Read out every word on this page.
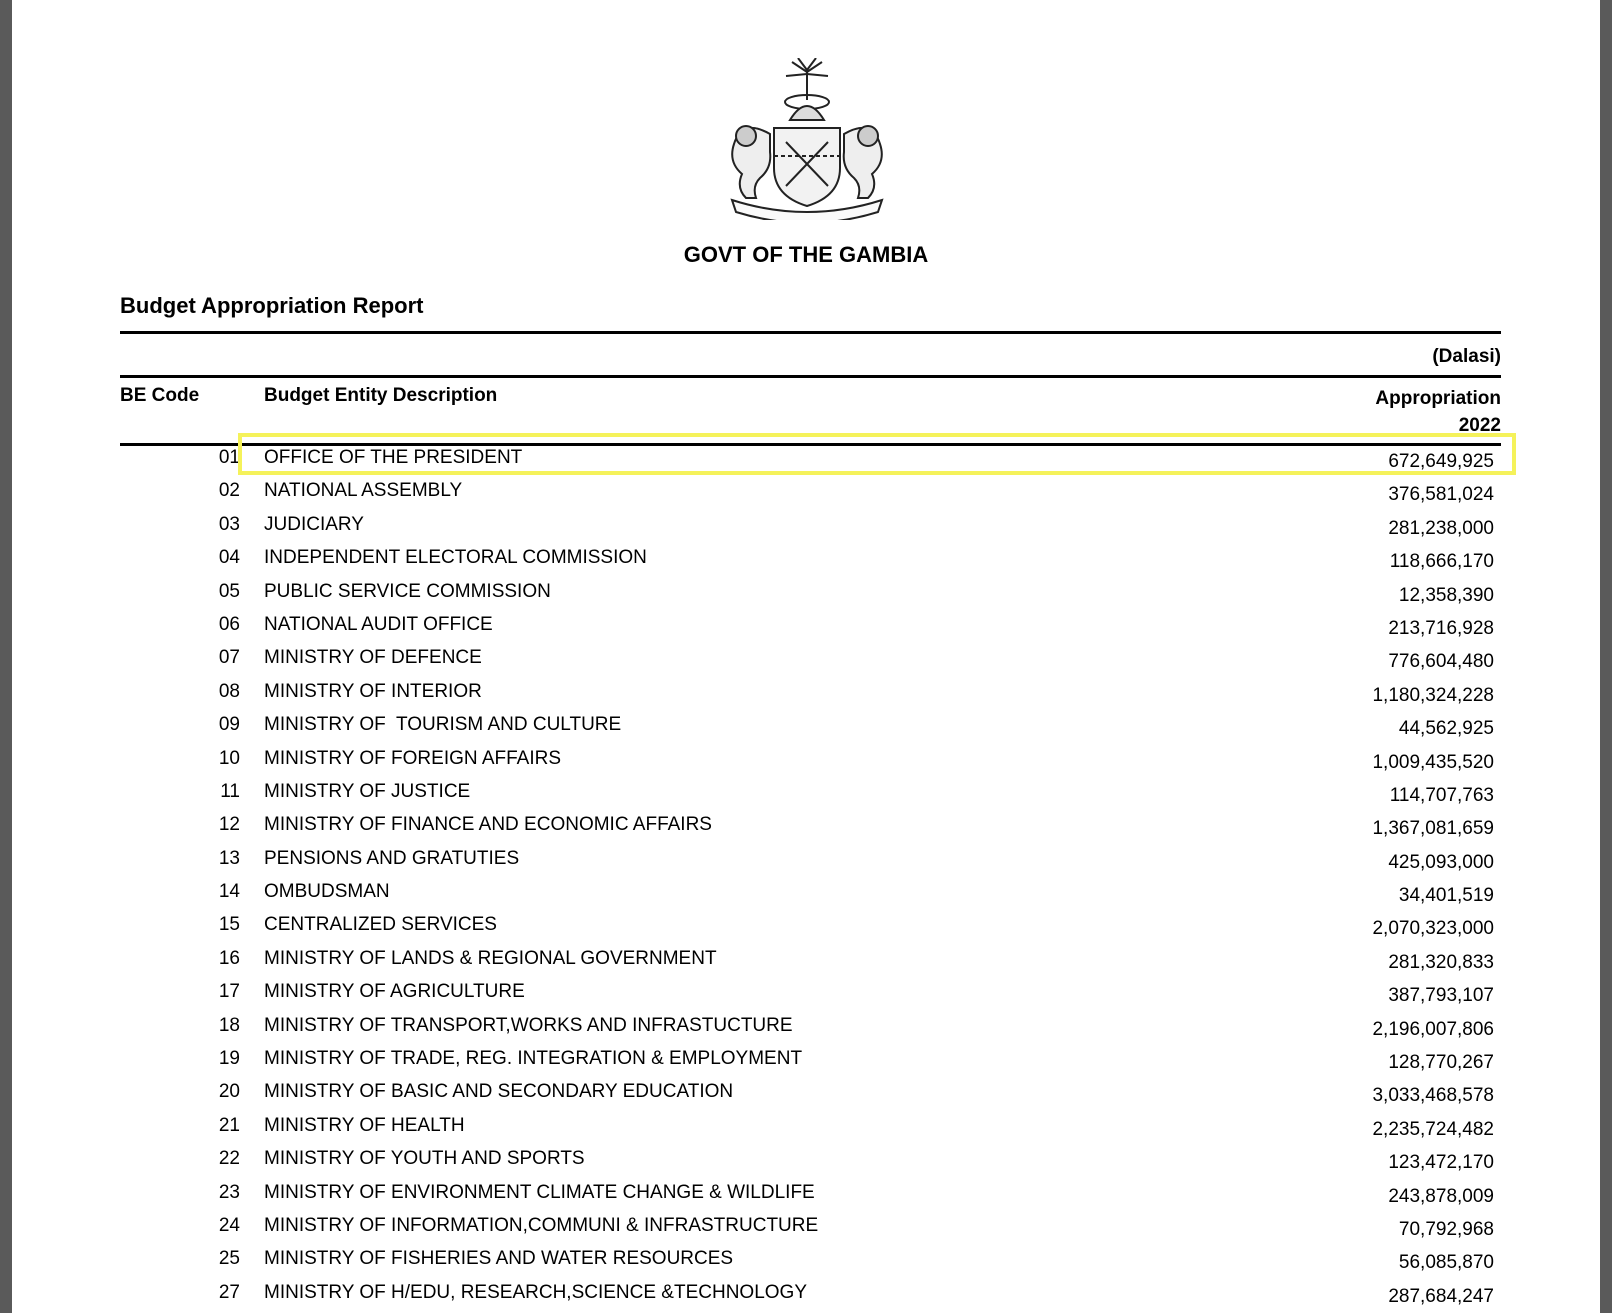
GOVT OF THE GAMBIA
Budget Appropriation Report
(Dalasi)
BE Code	Budget Entity Description	Appropriation
2022
01 OFFICE OF THE PRESIDENT	672,649,925
02 NATIONAL ASSEMBLY	376,581,024
03 JUDICIARY	281,238,000
04 INDEPENDENT ELECTORAL COMMISSION	118,666,170
05 PUBLIC SERVICE COMMISSION	12,358,390
06 NATIONAL AUDIT OFFICE	213,716,928
07 MINISTRY OF DEFENCE	776,604,480
08 MINISTRY OF INTERIOR	1,180,324,228
09 MINISTRY OF  TOURISM AND CULTURE	44,562,925
10 MINISTRY OF FOREIGN AFFAIRS	1,009,435,520
11 MINISTRY OF JUSTICE	114,707,763
12 MINISTRY OF FINANCE AND ECONOMIC AFFAIRS	1,367,081,659
13 PENSIONS AND GRATUTIES	425,093,000
14 OMBUDSMAN	34,401,519
15 CENTRALIZED SERVICES	2,070,323,000
16 MINISTRY OF LANDS & REGIONAL GOVERNMENT	281,320,833
17 MINISTRY OF AGRICULTURE	387,793,107
18 MINISTRY OF TRANSPORT,WORKS AND INFRASTUCTURE	2,196,007,806
19 MINISTRY OF TRADE, REG. INTEGRATION & EMPLOYMENT	128,770,267
20 MINISTRY OF BASIC AND SECONDARY EDUCATION	3,033,468,578
21 MINISTRY OF HEALTH	2,235,724,482
22 MINISTRY OF YOUTH AND SPORTS	123,472,170
23 MINISTRY OF ENVIRONMENT CLIMATE CHANGE & WILDLIFE	243,878,009
24 MINISTRY OF INFORMATION,COMMUNI & INFRASTRUCTURE	70,792,968
25 MINISTRY OF FISHERIES AND WATER RESOURCES	56,085,870
27 MINISTRY OF H/EDU, RESEARCH,SCIENCE &TECHNOLOGY	287,684,247
